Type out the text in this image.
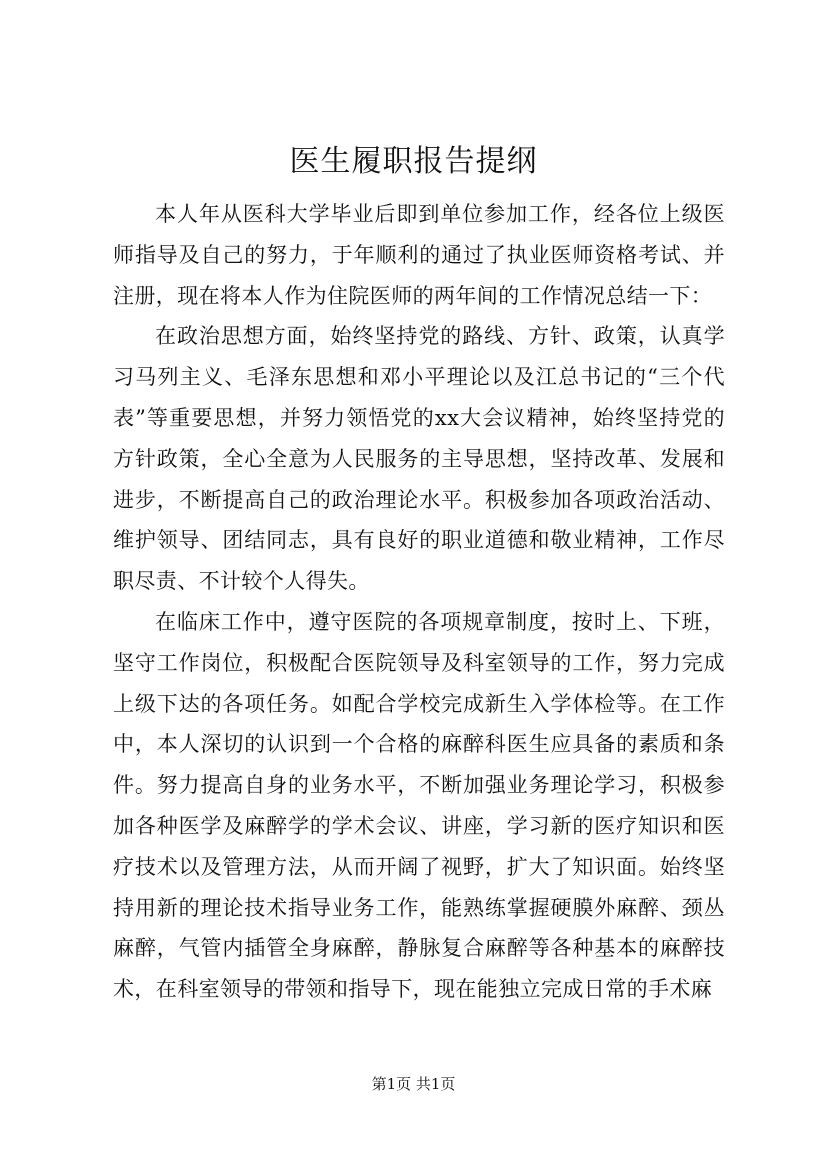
医生履职报告提纲

本人年从医科大学毕业后即到单位参加工作，经各位上级医师指导及自己的努力，于年顺利的通过了执业医师资格考试、并注册，现在将本人作为住院医师的两年间的工作情况总结一下：

在政治思想方面，始终坚持党的路线、方针、政策，认真学习马列主义、毛泽东思想和邓小平理论以及江总书记的“三个代表”等重要思想，并努力领悟党的xx大会议精神，始终坚持党的方针政策，全心全意为人民服务的主导思想，坚持改革、发展和进步，不断提高自己的政治理论水平。积极参加各项政治活动、维护领导、团结同志，具有良好的职业道德和敬业精神，工作尽职尽责、不计较个人得失。

在临床工作中，遵守医院的各项规章制度，按时上、下班，坚守工作岗位，积极配合医院领导及科室领导的工作，努力完成上级下达的各项任务。如配合学校完成新生入学体检等。在工作中，本人深切的认识到一个合格的麻醉科医生应具备的素质和条件。努力提高自身的业务水平，不断加强业务理论学习，积极参加各种医学及麻醉学的学术会议、讲座，学习新的医疗知识和医疗技术以及管理方法，从而开阔了视野，扩大了知识面。始终坚持用新的理论技术指导业务工作，能熟练掌握硬膜外麻醉、颈丛麻醉，气管内插管全身麻醉，静脉复合麻醉等各种基本的麻醉技术，在科室领导的带领和指导下，现在能独立完成日常的手术麻

第1页 共1页
